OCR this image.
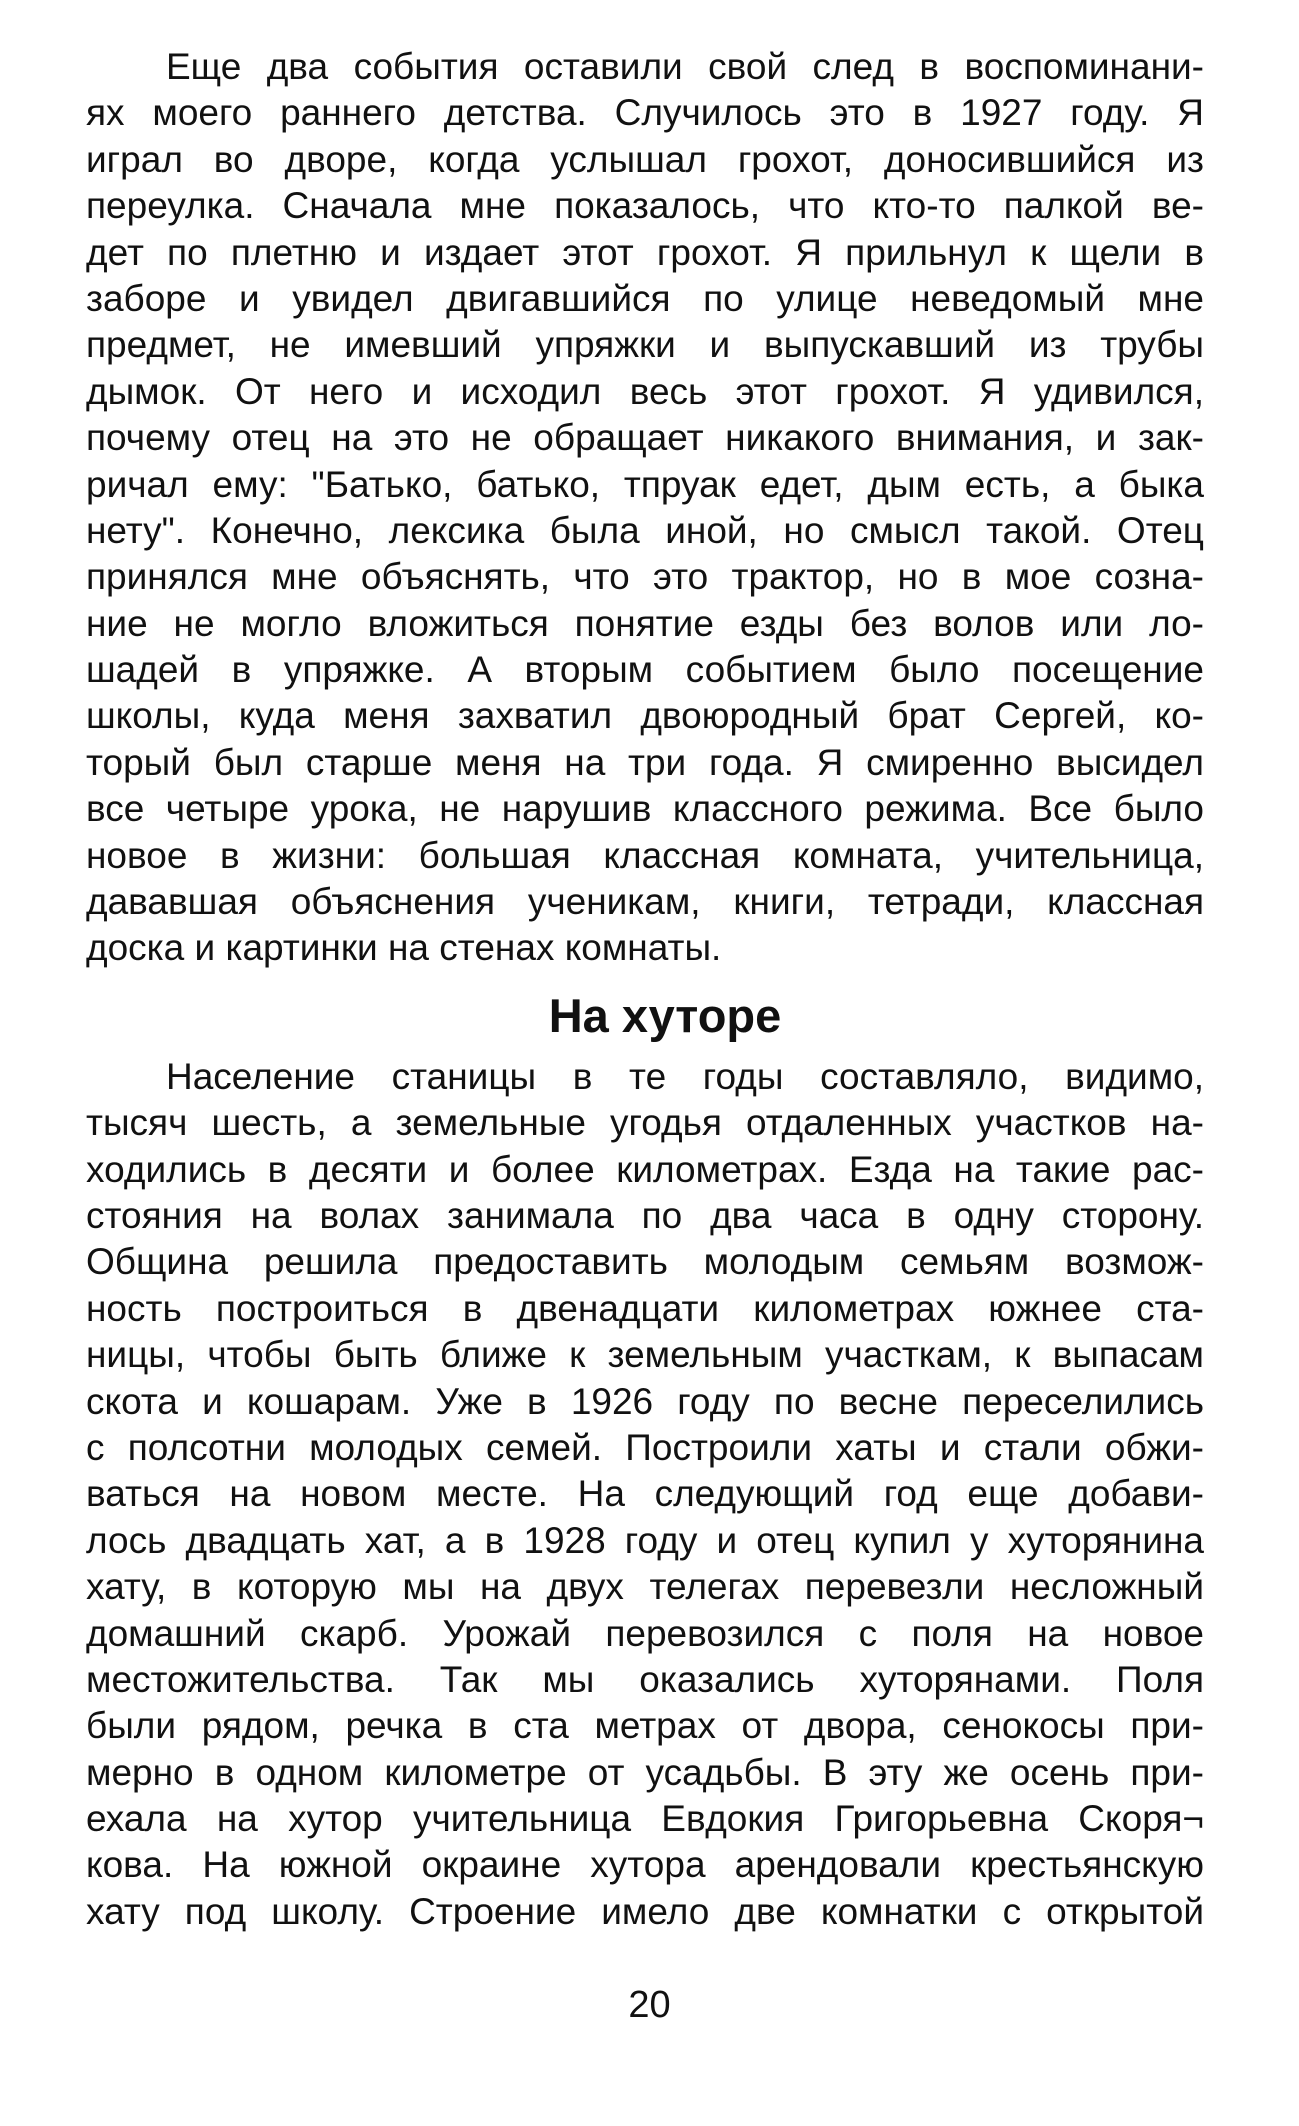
Еще два события оставили свой след в воспоминани-
ях моего раннего детства. Случилось это в 1927 году. Я
играл во дворе, когда услышал грохот, доносившийся из
переулка. Сначала мне показалось, что кто-то палкой ве-
дет по плетню и издает этот грохот. Я прильнул к щели в
заборе и увидел двигавшийся по улице неведомый мне
предмет, не имевший упряжки и выпускавший из трубы
дымок. От него и исходил весь этот грохот. Я удивился,
почему отец на это не обращает никакого внимания, и зак-
ричал ему: "Батько, батько, тпруак едет, дым есть, а быка
нету". Конечно, лексика была иной, но смысл такой. Отец
принялся мне объяснять, что это трактор, но в мое созна-
ние не могло вложиться понятие езды без волов или ло-
шадей в упряжке. А вторым событием было посещение
школы, куда меня захватил двоюродный брат Сергей, ко-
торый был старше меня на три года. Я смиренно высидел
все четыре урока, не нарушив классного режима. Все было
новое в жизни: большая классная комната, учительница,
дававшая объяснения ученикам, книги, тетради, классная
доска и картинки на стенах комнаты.
На хуторе
Население станицы в те годы составляло, видимо,
тысяч шесть, а земельные угодья отдаленных участков на-
ходились в десяти и более километрах. Езда на такие рас-
стояния на волах занимала по два часа в одну сторону.
Община решила предоставить молодым семьям возмож-
ность построиться в двенадцати километрах южнее ста-
ницы, чтобы быть ближе к земельным участкам, к выпасам
скота и кошарам. Уже в 1926 году по весне переселились
с полсотни молодых семей. Построили хаты и стали обжи-
ваться на новом месте. На следующий год еще добави-
лось двадцать хат, а в 1928 году и отец купил у хуторянина
хату, в которую мы на двух телегах перевезли несложный
домашний скарб. Урожай перевозился с поля на новое
местожительства. Так мы оказались хуторянами. Поля
были рядом, речка в ста метрах от двора, сенокосы при-
мерно в одном километре от усадьбы. В эту же осень при-
ехала на хутор учительница Евдокия Григорьевна Скоря¬
кова. На южной окраине хутора арендовали крестьянскую
хату под школу. Строение имело две комнатки с открытой
20
